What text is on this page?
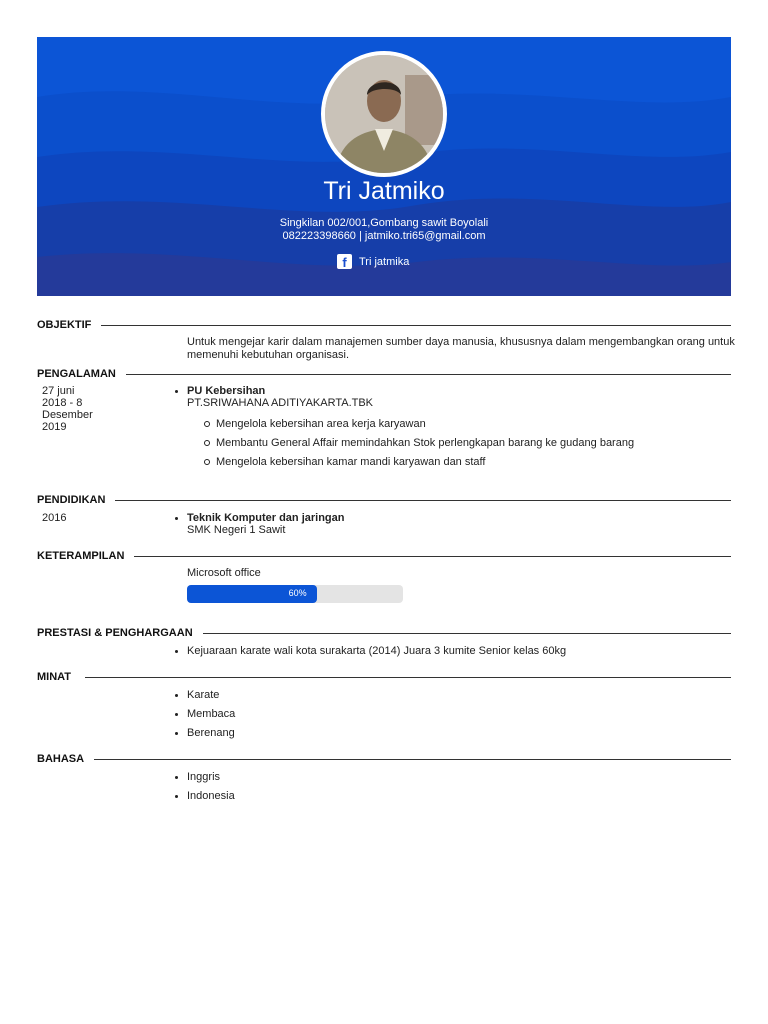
Tri Jatmiko
Singkilan 002/001,Gombang sawit Boyolali
082223398660 | jatmiko.tri65@gmail.com
f	Tri jatmika
OBJEKTIF
Untuk mengejar karir dalam manajemen sumber daya manusia, khususnya dalam mengembangkan orang untuk
memenuhi kebutuhan organisasi.
PENGALAMAN
27 juni
2018 - 8
Desember
2019
PU Kebersihan
PT.SRIWAHANA ADITIYAKARTA.TBK
Mengelola kebersihan area kerja karyawan
Membantu General Affair memindahkan Stok perlengkapan barang ke gudang barang
Mengelola kebersihan kamar mandi karyawan dan staff
PENDIDIKAN
2016	Teknik Komputer dan jaringan
SMK Negeri 1 Sawit
KETERAMPILAN
Microsoft office
60%
PRESTASI & PENGHARGAAN
Kejuaraan karate wali kota surakarta (2014) Juara 3 kumite Senior kelas 60kg
MINAT
Karate
Membaca
Berenang
BAHASA
Inggris
Indonesia
